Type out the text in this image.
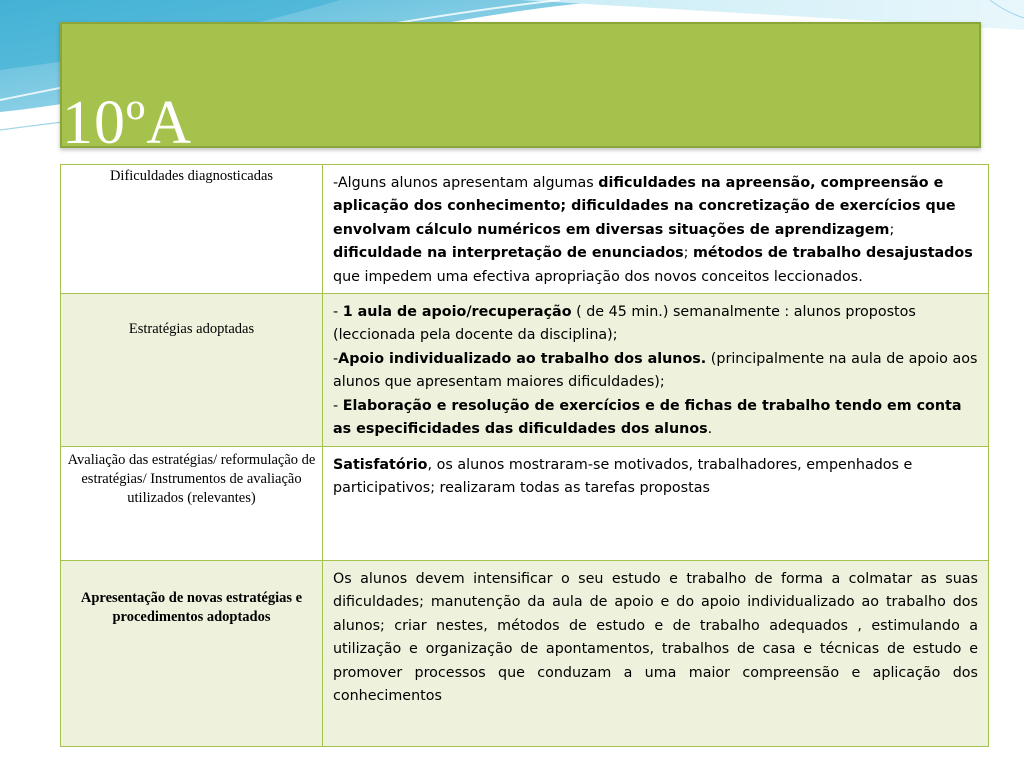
10ºA
Dificuldades diagnosticadas	-Alguns alunos apresentam algumas dificuldades na apreensão, compreensão e aplicação dos conhecimento; dificuldades na concretização de exercícios que envolvam cálculo numéricos em diversas situações de aprendizagem; dificuldade na interpretação de enunciados; métodos de trabalho desajustados que impedem uma efectiva apropriação dos novos conceitos leccionados.
Estratégias adoptadas	- 1 aula de apoio/recuperação ( de 45 min.) semanalmente : alunos propostos (leccionada pela docente da disciplina);
-Apoio individualizado ao trabalho dos alunos. (principalmente na aula de apoio aos alunos que apresentam maiores dificuldades);
- Elaboração e resolução de exercícios e de fichas de trabalho tendo em conta as especificidades das dificuldades dos alunos.
Avaliação das estratégias/ reformulação de estratégias/ Instrumentos de avaliação utilizados (relevantes)	Satisfatório, os alunos mostraram-se motivados, trabalhadores, empenhados e participativos; realizaram todas as tarefas propostas
Apresentação de novas estratégias e procedimentos adoptados	Os alunos devem intensificar o seu estudo e trabalho de forma a colmatar as suas dificuldades; manutenção da aula de apoio e do apoio individualizado ao trabalho dos alunos; criar nestes, métodos de estudo e de trabalho adequados , estimulando a utilização e organização de apontamentos, trabalhos de casa e técnicas de estudo e promover processos que conduzam a uma maior compreensão e aplicação dos conhecimentos
